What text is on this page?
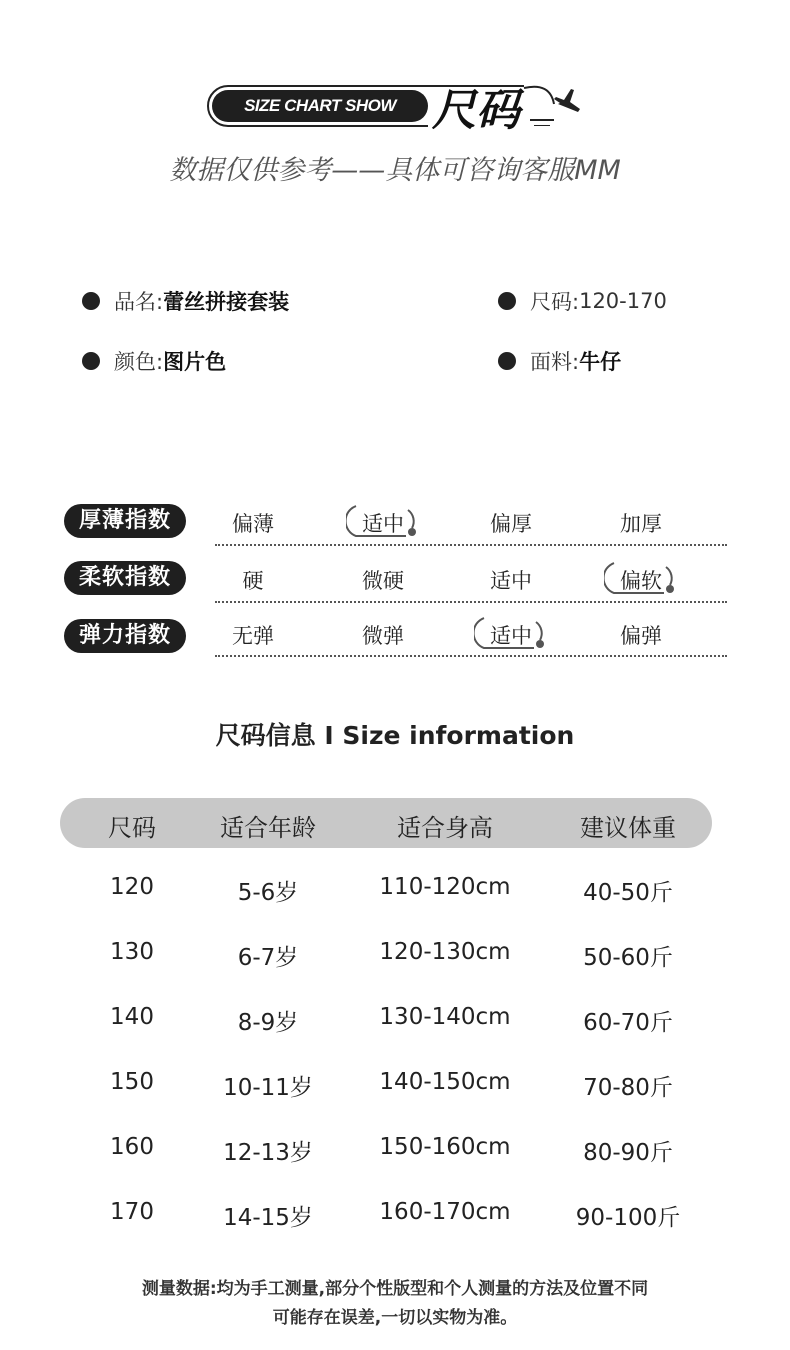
SIZE CHART SHOW 尺码
数据仅供参考——具体可咨询客服MM
品名: 蕾丝拼接套装	尺码: 120-170
颜色: 图片色	面料: 牛仔
厚薄指数	偏薄	适中	偏厚	加厚
柔软指数	硬	微硬	适中	偏软
弹力指数	无弹	微弹	适中	偏弹
尺码信息 I Size information
尺码	适合年龄	适合身高	建议体重
120	5-6岁	110-120cm	40-50斤
130	6-7岁	120-130cm	50-60斤
140	8-9岁	130-140cm	60-70斤
150	10-11岁	140-150cm	70-80斤
160	12-13岁	150-160cm	80-90斤
170	14-15岁	160-170cm	90-100斤
测量数据:均为手工测量,部分个性版型和个人测量的方法及位置不同
可能存在误差,一切以实物为准。
